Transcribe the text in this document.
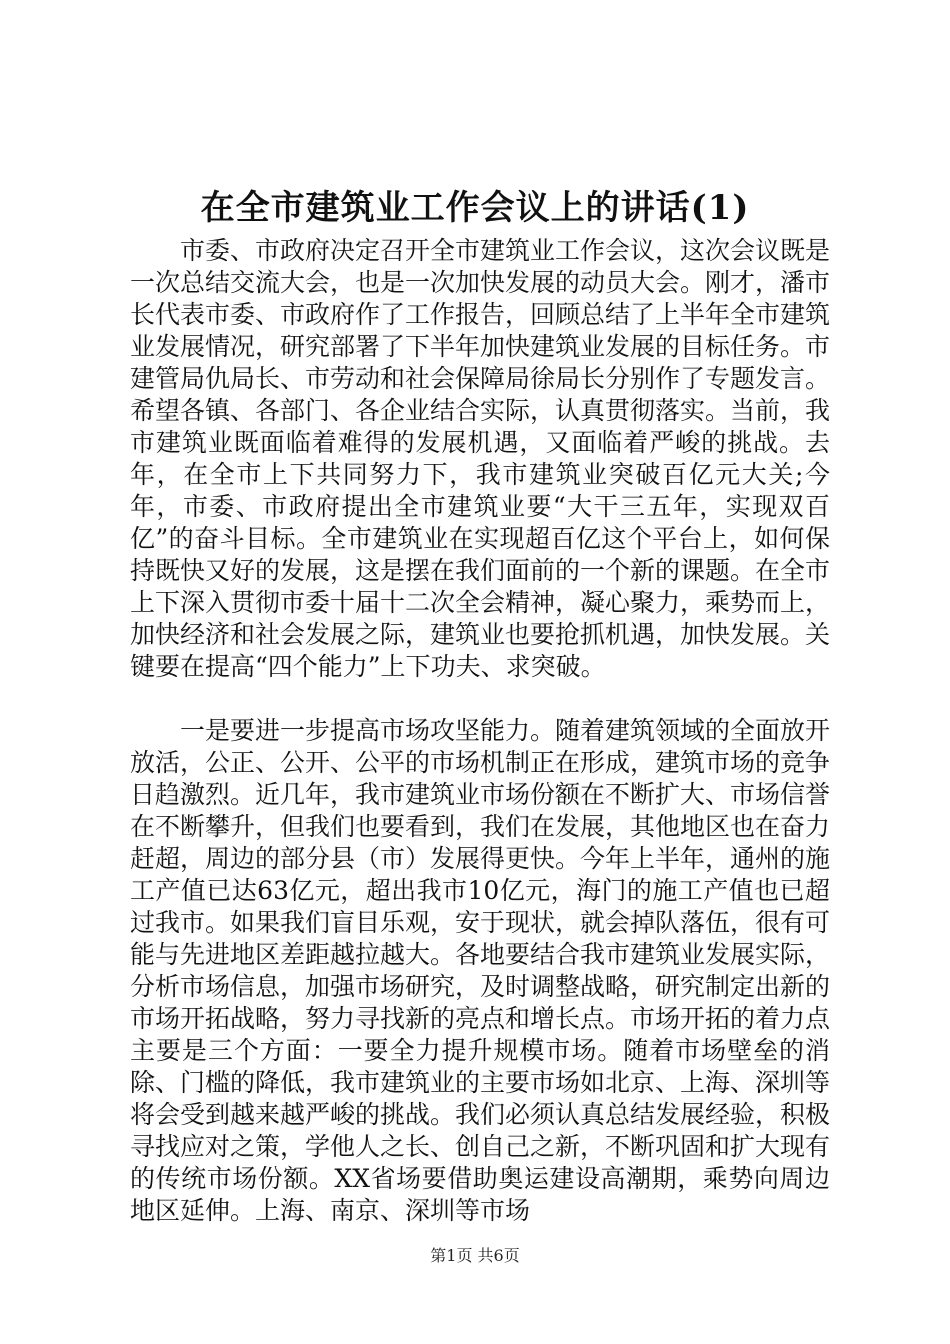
在全市建筑业工作会议上的讲话(1)

市委、市政府决定召开全市建筑业工作会议，这次会议既是一次总结交流大会，也是一次加快发展的动员大会。刚才，潘市长代表市委、市政府作了工作报告，回顾总结了上半年全市建筑业发展情况，研究部署了下半年加快建筑业发展的目标任务。市建管局仇局长、市劳动和社会保障局徐局长分别作了专题发言。希望各镇、各部门、各企业结合实际，认真贯彻落实。当前，我市建筑业既面临着难得的发展机遇，又面临着严峻的挑战。去年，在全市上下共同努力下，我市建筑业突破百亿元大关;今年，市委、市政府提出全市建筑业要“大干三五年，实现双百亿”的奋斗目标。全市建筑业在实现超百亿这个平台上，如何保持既快又好的发展，这是摆在我们面前的一个新的课题。在全市上下深入贯彻市委十届十二次全会精神，凝心聚力，乘势而上，加快经济和社会发展之际，建筑业也要抢抓机遇，加快发展。关键要在提高“四个能力”上下功夫、求突破。

一是要进一步提高市场攻坚能力。随着建筑领域的全面放开放活，公正、公开、公平的市场机制正在形成，建筑市场的竞争日趋激烈。近几年，我市建筑业市场份额在不断扩大、市场信誉在不断攀升，但我们也要看到，我们在发展，其他地区也在奋力赶超，周边的部分县（市）发展得更快。今年上半年，通州的施工产值已达63亿元，超出我市10亿元，海门的施工产值也已超过我市。如果我们盲目乐观，安于现状，就会掉队落伍，很有可能与先进地区差距越拉越大。各地要结合我市建筑业发展实际，分析市场信息，加强市场研究，及时调整战略，研究制定出新的市场开拓战略，努力寻找新的亮点和增长点。市场开拓的着力点主要是三个方面：一要全力提升规模市场。随着市场壁垒的消除、门槛的降低，我市建筑业的主要市场如北京、上海、深圳等将会受到越来越严峻的挑战。我们必须认真总结发展经验，积极寻找应对之策，学他人之长、创自己之新，不断巩固和扩大现有的传统市场份额。XX省场要借助奥运建设高潮期，乘势向周边地区延伸。上海、南京、深圳等市场

第1页 共6页
